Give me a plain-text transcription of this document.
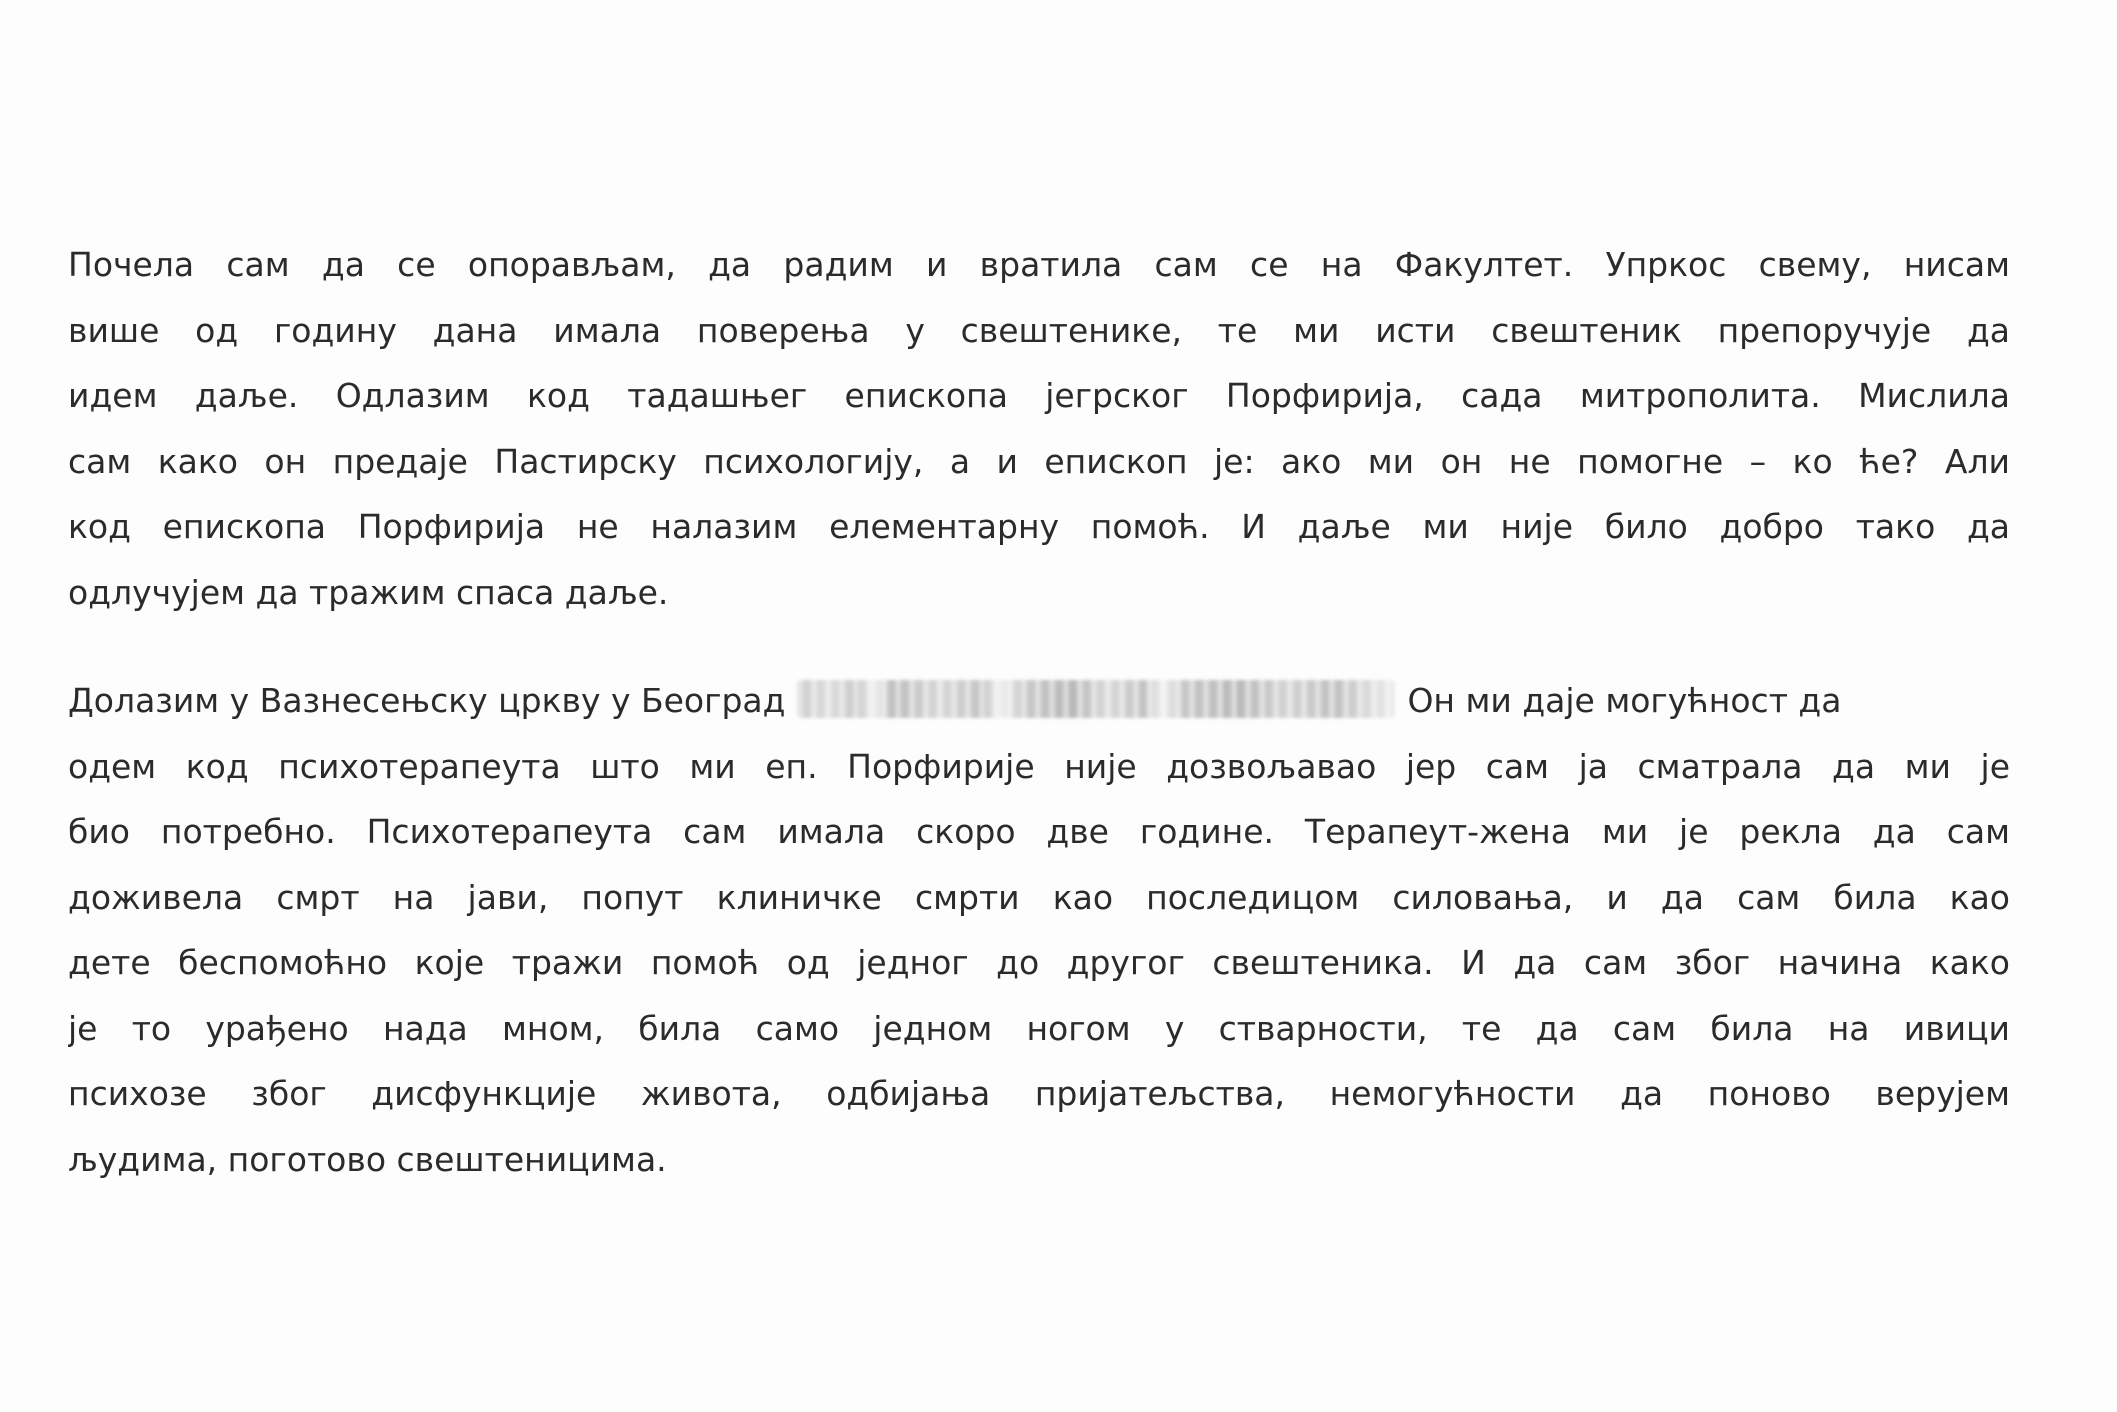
Почела сам да се опорављам, да радим и вратила сам се на Факултет. Упркос свему, нисам
више од годину дана имала поверења у свештенике, те ми исти свештеник препоручује да
идем даље. Одлазим код тадашњег епископа јегрског Порфирија, сада митрополита. Мислила
сам како он предаје Пастирску психологију, а и епископ је: ако ми он не помогне – ко ће? Али
код епископа Порфирија не налазим елементарну помоћ. И даље ми није било добро тако да
одлучујем да тражим спаса даље.
Долазим у Вазнесењску цркву у Београд	Он ми даје могућност да
одем код психотерапеута што ми еп. Порфирије није дозвољавао јер сам ја сматрала да ми је
био потребно. Психотерапеута сам имала скоро две године. Терапеут-жена ми је рекла да сам
доживела смрт на јави, попут клиничке смрти као последицом силовања, и да сам била као
дете беспомоћно које тражи помоћ од једног до другог свештеника. И да сам због начина како
је то урађено нада мном, била само једном ногом у стварности, те да сам била на ивици
психозе због дисфункције живота, одбијања пријатељства, немогућности да поново верујем
људима, поготово свештеницима.
